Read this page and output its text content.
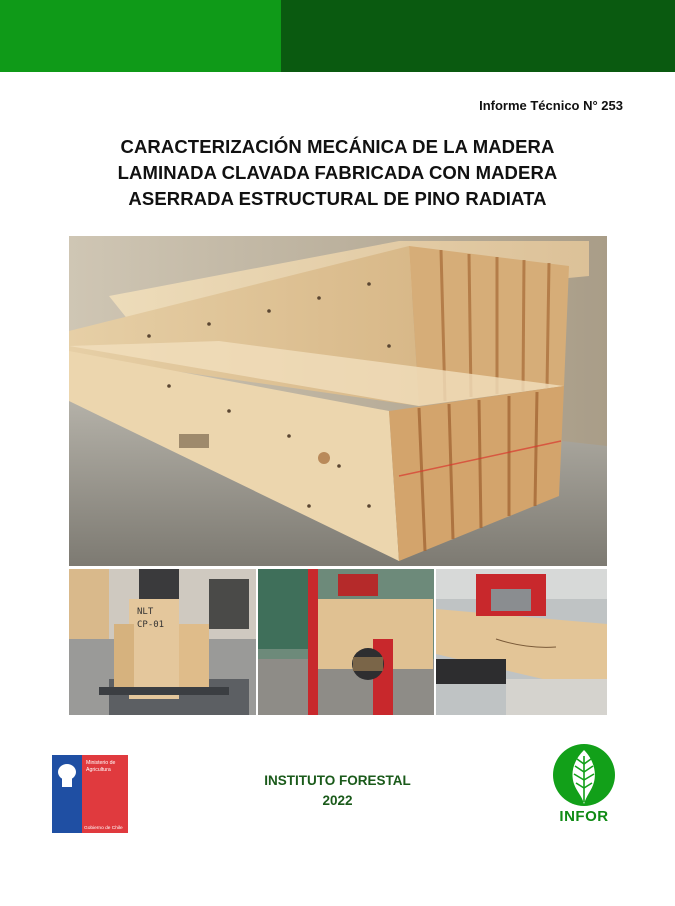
Informe Técnico N° 253
CARACTERIZACIÓN MECÁNICA DE LA MADERA
LAMINADA CLAVADA FABRICADA CON MADERA
ASERRADA ESTRUCTURAL DE PINO RADIATA
NLT
CP-01
Ministerio de
Agricultura
Gobierno de Chile
INSTITUTO FORESTAL
2022
INFOR
